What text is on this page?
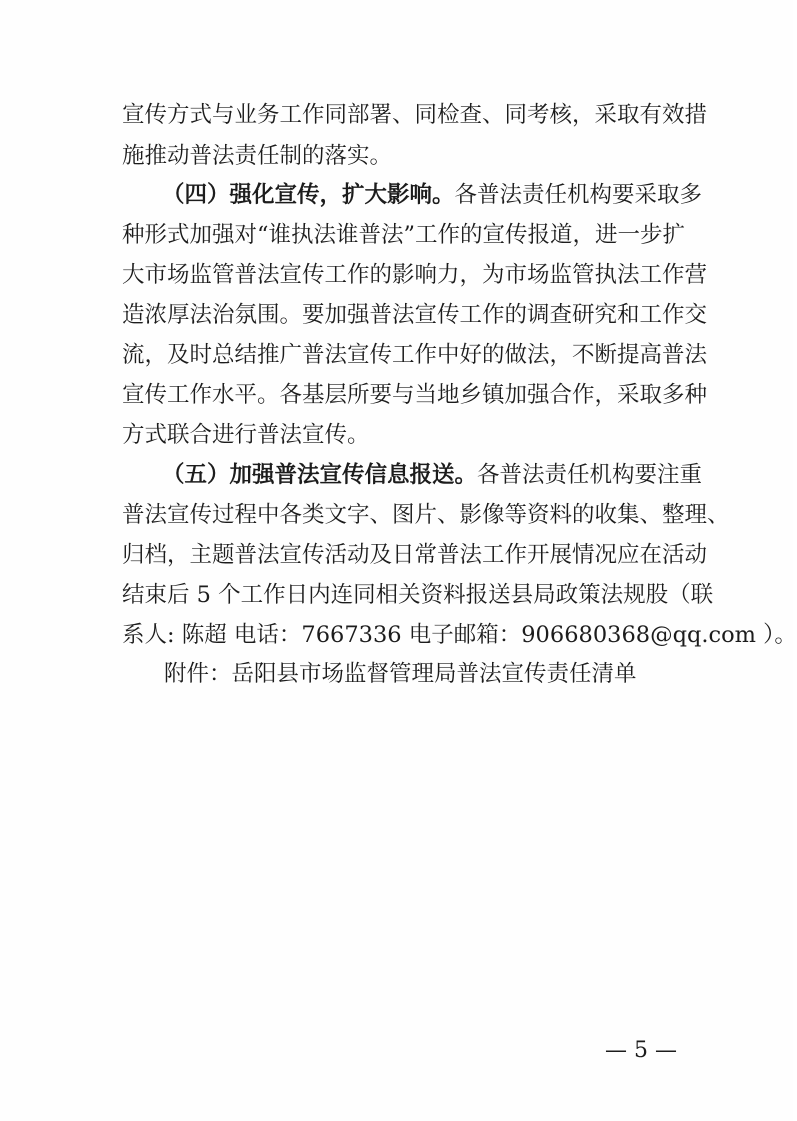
宣传方式与业务工作同部署、同检查、同考核，采取有效措
施推动普法责任制的落实。
（四）强化宣传，扩大影响。各普法责任机构要采取多
种形式加强对“谁执法谁普法”工作的宣传报道，进一步扩
大市场监管普法宣传工作的影响力，为市场监管执法工作营
造浓厚法治氛围。要加强普法宣传工作的调查研究和工作交
流，及时总结推广普法宣传工作中好的做法，不断提高普法
宣传工作水平。各基层所要与当地乡镇加强合作，采取多种
方式联合进行普法宣传。
（五）加强普法宣传信息报送。各普法责任机构要注重
普法宣传过程中各类文字、图片、影像等资料的收集、整理、
归档，主题普法宣传活动及日常普法工作开展情况应在活动
结束后 5 个工作日内连同相关资料报送县局政策法规股（联
系人: 陈超 电话：7667336 电子邮箱：906680368@qq.com ）。
附件：岳阳县市场监督管理局普法宣传责任清单
— 5 —
